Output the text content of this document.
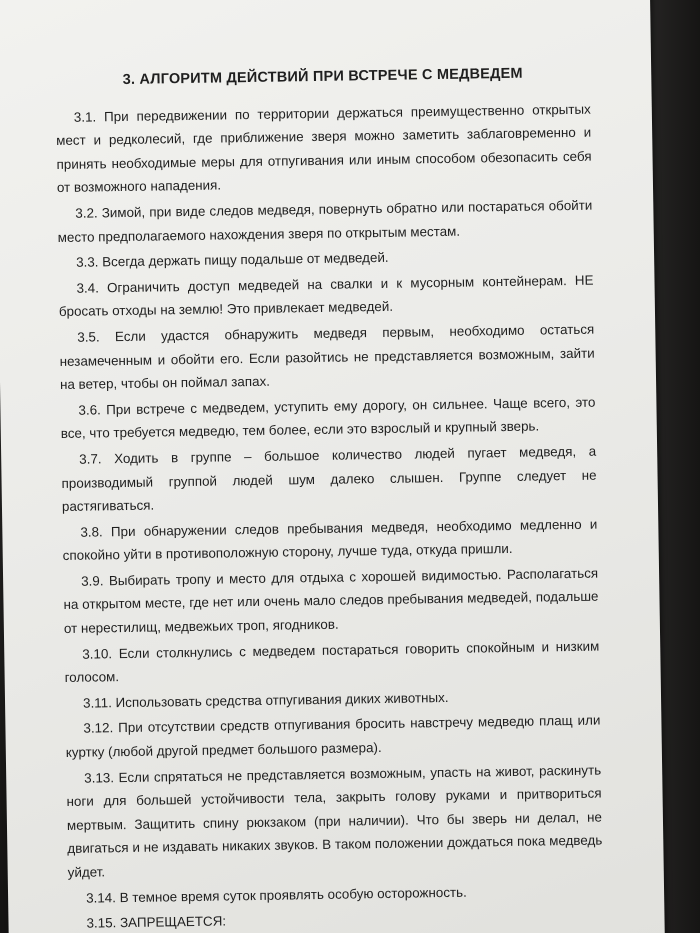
3. АЛГОРИТМ ДЕЙСТВИЙ ПРИ ВСТРЕЧЕ С МЕДВЕДЕМ

3.1. При передвижении по территории держаться преимущественно открытых мест и редколесий, где приближение зверя можно заметить заблаговременно и принять необходимые меры для отпугивания или иным способом обезопасить себя от возможного нападения.

3.2. Зимой, при виде следов медведя, повернуть обратно или постараться обойти место предполагаемого нахождения зверя по открытым местам.

3.3. Всегда держать пищу подальше от медведей.

3.4. Ограничить доступ медведей на свалки и к мусорным контейнерам. НЕ бросать отходы на землю! Это привлекает медведей.

3.5. Если удастся обнаружить медведя первым, необходимо остаться незамеченным и обойти его. Если разойтись не представляется возможным, зайти на ветер, чтобы он поймал запах.

3.6. При встрече с медведем, уступить ему дорогу, он сильнее. Чаще всего, это все, что требуется медведю, тем более, если это взрослый и крупный зверь.

3.7. Ходить в группе – большое количество людей пугает медведя, а производимый группой людей шум далеко слышен. Группе следует не растягиваться.

3.8. При обнаружении следов пребывания медведя, необходимо медленно и спокойно уйти в противоположную сторону, лучше туда, откуда пришли.

3.9. Выбирать тропу и место для отдыха с хорошей видимостью. Располагаться на открытом месте, где нет или очень мало следов пребывания медведей, подальше от нерестилищ, медвежьих троп, ягодников.

3.10. Если столкнулись с медведем постараться говорить спокойным и низким голосом.

3.11. Использовать средства отпугивания диких животных.

3.12. При отсутствии средств отпугивания бросить навстречу медведю плащ или куртку (любой другой предмет большого размера).

3.13. Если спрятаться не представляется возможным, упасть на живот, раскинуть ноги для большей устойчивости тела, закрыть голову руками и притвориться мертвым. Защитить спину рюкзаком (при наличии). Что бы зверь ни делал, не двигаться и не издавать никаких звуков. В таком положении дождаться пока медведь уйдет.

3.14. В темное время суток проявлять особую осторожность.

3.15. ЗАПРЕЩАЕТСЯ:
